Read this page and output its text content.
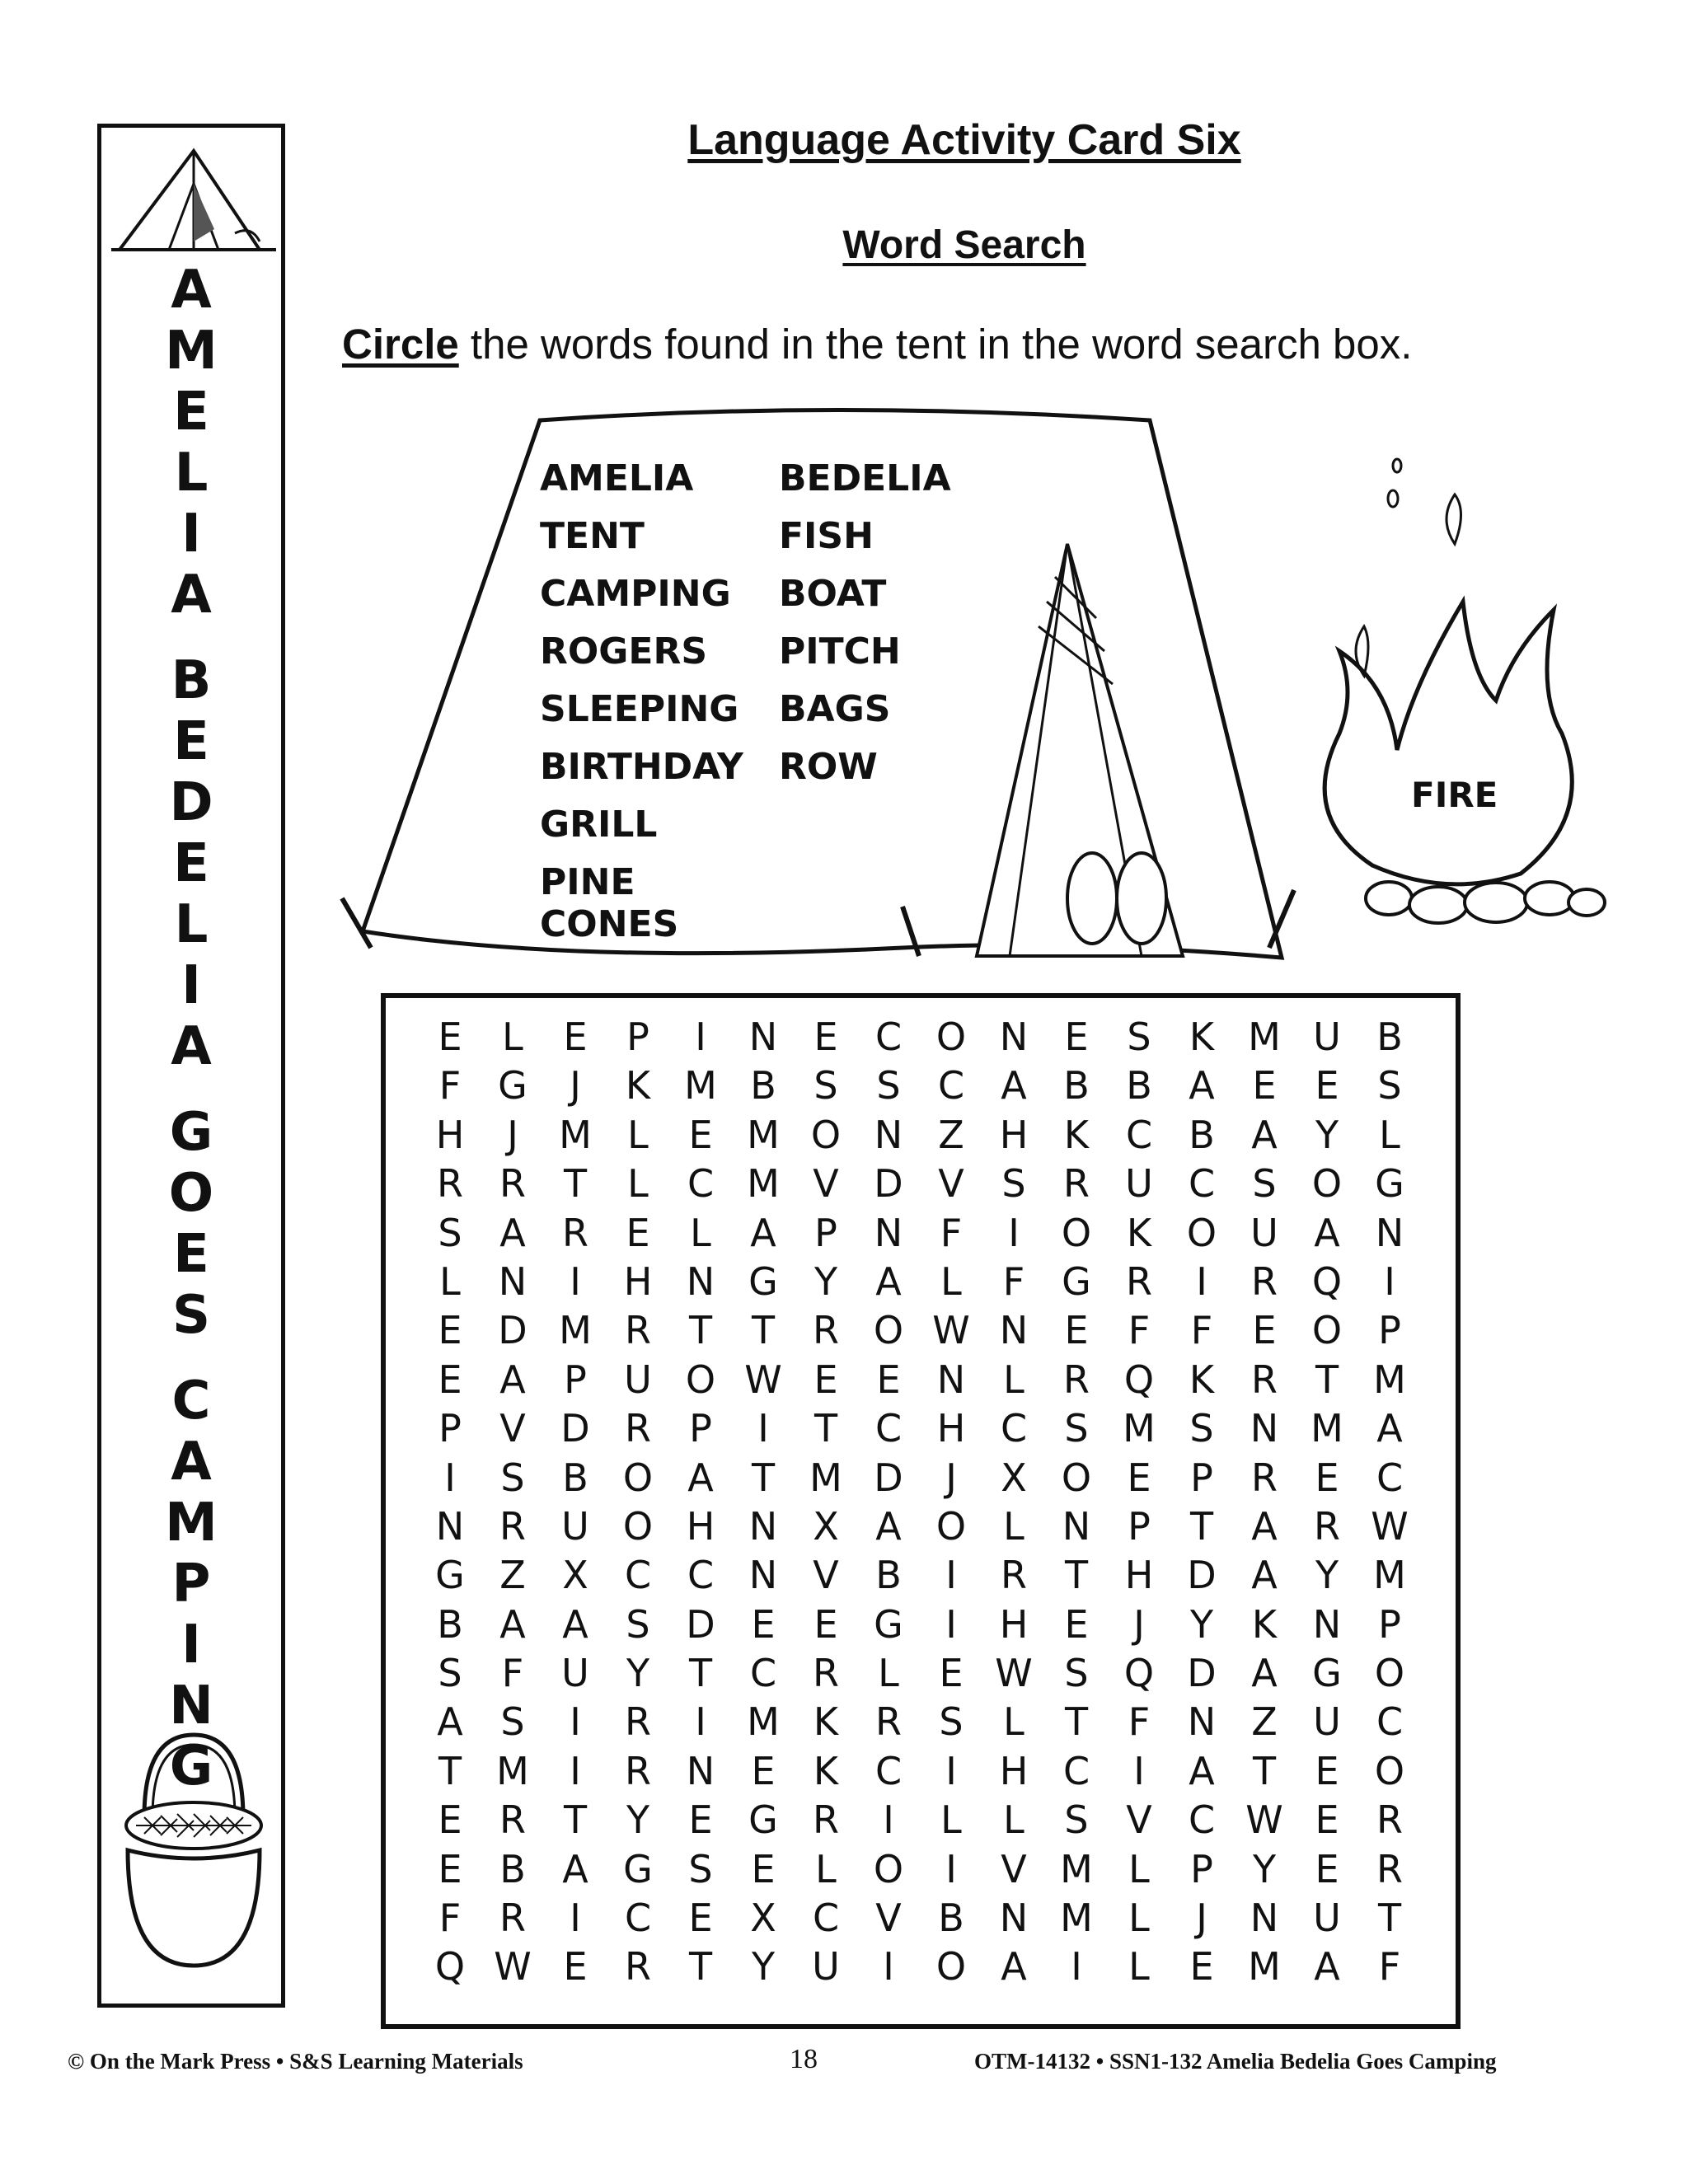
AMELIA
BEDELIA
GOES
CAMPING
Language Activity Card Six
Word Search
Circle the words found in the tent in the word search box.
AMELIA	BEDELIA
TENT	FISH
CAMPING	BOAT
ROGERS	PITCH
SLEEPING	BAGS
BIRTHDAY ROW
GRILL
PINE CONES
FIRE
E	L	E	P	I	N E C O N E	S	K M U B
F G	J	K M B S	S C A B B A E	E	S
H	J	M L	E M O N Z H K C B A	Y	L
R R T	L	C M V D V S R U C S O G
S A R E	L	A	P N F	I	O K O U A N
L N	I	H N G Y	A	L	F G R	I	R Q	I
E D M R T	T R O W N E	F	F	E O P
E A	P U O W E	E N L	R Q K R T M
P	V D R	P	I	T C H C S M S N M A
I	S B O A	T M D	J	X O E	P	R E C
N R U O H N X A O L N P	T	A R W
G Z X C C N V B	I	R T H D A	Y M
B A A S D E	E G	I	H E	J	Y	K N P
S	F U Y	T C R	L	E W S Q D A G O
A S	I	R	I	M K R S	L	T	F N Z U C
T M	I	R N E	K C	I	H C	I	A	T	E O
E R T	Y	E G R	I	L	L	S V C W E R
E B A G S	E	L O	I	V M L	P	Y	E R
F	R	I	C E X C V B N M L	J	N U T
Q W E R T	Y U	I	O A	I	L	E M A	F
© On the Mark Press • S&S Learning Materials	18	OTM-14132 • SSN1-132 Amelia Bedelia Goes Camping
